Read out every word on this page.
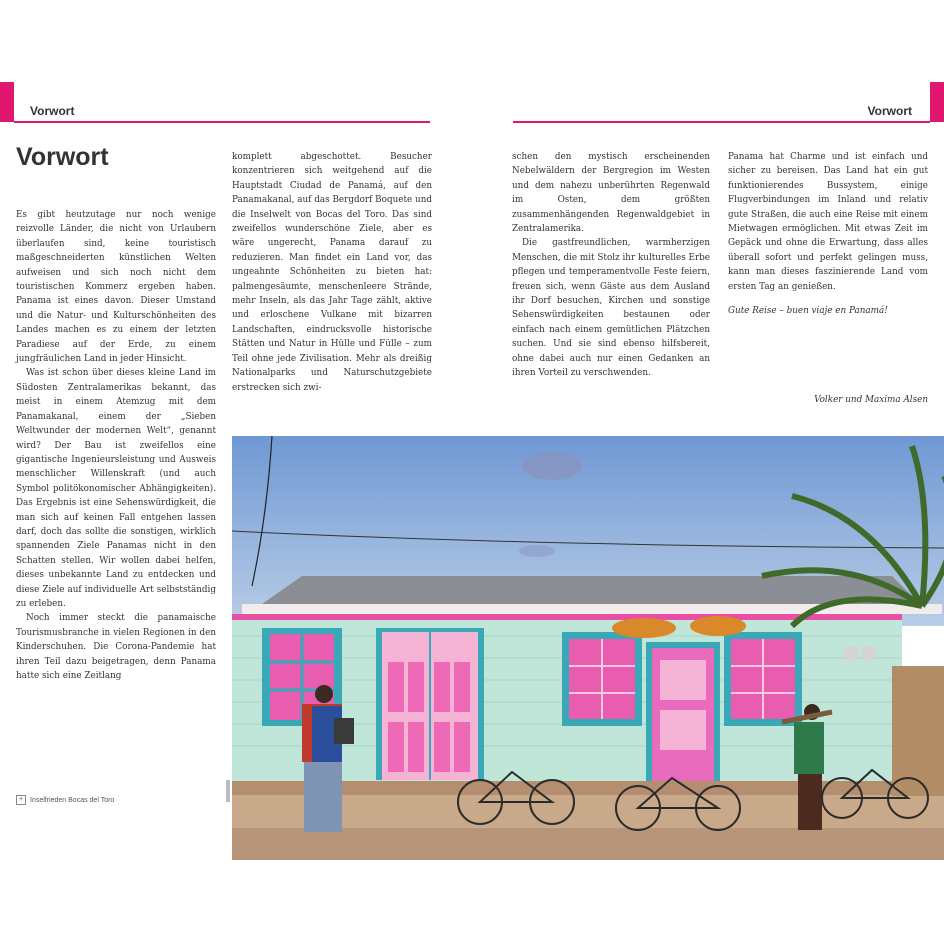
Vorwort	Vorwort
Vorwort

Es gibt heutzutage nur noch wenige reizvolle Länder, die nicht von Urlaubern überlaufen sind, keine touristisch maßgeschneiderten künstlichen Welten aufweisen und sich noch nicht dem touristischen Kommerz ergeben haben. Panama ist eines davon. Dieser Umstand und die Natur- und Kulturschönheiten des Landes machen es zu einem der letzten Paradiese auf der Erde, zu einem jungfräulichen Land in jeder Hinsicht.

Was ist schon über dieses kleine Land im Südosten Zentralamerikas bekannt, das meist in einem Atemzug mit dem Panamakanal, einem der „Sieben Weltwunder der modernen Welt“, genannt wird? Der Bau ist zweifellos eine gigantische Ingenieursleistung und Ausweis menschlicher Willenskraft (und auch Symbol politökonomischer Abhängigkeiten). Das Ergebnis ist eine Sehenswürdigkeit, die man sich auf keinen Fall entgehen lassen darf, doch das sollte die sonstigen, wirklich spannenden Ziele Panamas nicht in den Schatten stellen. Wir wollen dabei helfen, dieses unbekannte Land zu entdecken und diese Ziele auf individuelle Art selbstständig zu erleben.

Noch immer steckt die panamaische Tourismusbranche in vielen Regionen in den Kinderschuhen. Die Corona-Pandemie hat ihren Teil dazu beigetragen, denn Panama hatte sich eine Zeitlang

komplett abgeschottet. Besucher konzentrieren sich weitgehend auf die Hauptstadt Ciudad de Panamá, auf den Panamakanal, auf das Bergdorf Boquete und die Inselwelt von Bocas del Toro. Das sind zweifellos wunderschöne Ziele, aber es wäre ungerecht, Panama darauf zu reduzieren. Man findet ein Land vor, das ungeahnte Schönheiten zu bieten hat: palmengesäumte, menschenleere Strände, mehr Inseln, als das Jahr Tage zählt, aktive und erloschene Vulkane mit bizarren Landschaften, eindrucksvolle historische Stätten und Natur in Hülle und Fülle – zum Teil ohne jede Zivilisation. Mehr als dreißig Nationalparks und Naturschutzgebiete erstrecken sich zwi-

schen den mystisch erscheinenden Nebelwäldern der Bergregion im Westen und dem nahezu unberührten Regenwald im Osten, dem größten zusammenhängenden Regenwaldgebiet in Zentralamerika.

Die gastfreundlichen, warmherzigen Menschen, die mit Stolz ihr kulturelles Erbe pflegen und temperamentvolle Feste feiern, freuen sich, wenn Gäste aus dem Ausland ihr Dorf besuchen, Kirchen und sonstige Sehenswürdigkeiten bestaunen oder einfach nach einem gemütlichen Plätzchen suchen. Und sie sind ebenso hilfsbereit, ohne dabei auch nur einen Gedanken an ihren Vorteil zu verschwenden.

Panama hat Charme und ist einfach und sicher zu bereisen. Das Land hat ein gut funktionierendes Bussystem, einige Flugverbindungen im Inland und relativ gute Straßen, die auch eine Reise mit einem Mietwagen ermöglichen. Mit etwas Zeit im Gepäck und ohne die Erwartung, dass alles überall sofort und perfekt gelingen muss, kann man dieses faszinierende Land vom ersten Tag an genießen.

Gute Reise – buen viaje en Panamá!

Volker und Maxima Alsen
+ Inselfrieden Bocas del Toro
